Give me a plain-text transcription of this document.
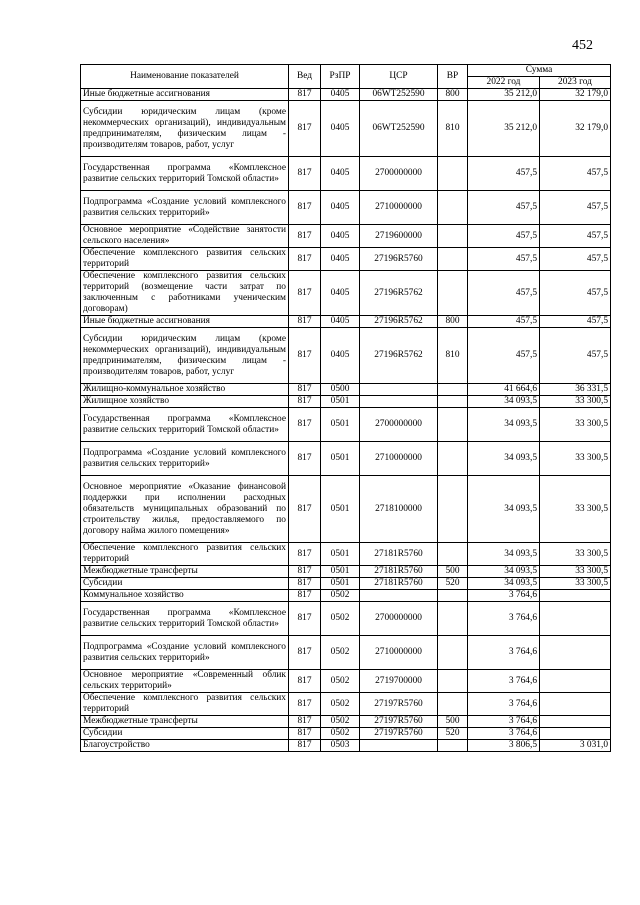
452
Наименование показателей	Вед	РзПР	ЦСР	ВР	Сумма	
					2022 год	2023 год
Иные бюджетные ассигнования	817	0405	06WT252590	800	35 212,0	32 179,0
Субсидии юридическим лицам (кроме некоммерческих организаций), индивидуальным предпринимателям, физическим лицам - производителям товаров, работ, услуг	817	0405	06WT252590	810	35 212,0	32 179,0
Государственная программа «Комплексное развитие сельских территорий Томской области»	817	0405	2700000000		457,5	457,5
Подпрограмма «Создание условий комплексного развития сельских территорий»	817	0405	2710000000		457,5	457,5
Основное мероприятие «Содействие занятости сельского населения»	817	0405	2719600000		457,5	457,5
Обеспечение комплексного развития сельских территорий	817	0405	27196R5760		457,5	457,5
Обеспечение комплексного развития сельских территорий (возмещение части затрат по заключенным с работниками ученическим договорам)	817	0405	27196R5762		457,5	457,5
Иные бюджетные ассигнования	817	0405	27196R5762	800	457,5	457,5
Субсидии юридическим лицам (кроме некоммерческих организаций), индивидуальным предпринимателям, физическим лицам - производителям товаров, работ, услуг	817	0405	27196R5762	810	457,5	457,5
Жилищно-коммунальное хозяйство	817	0500			41 664,6	36 331,5
Жилищное хозяйство	817	0501			34 093,5	33 300,5
Государственная программа «Комплексное развитие сельских территорий Томской области»	817	0501	2700000000		34 093,5	33 300,5
Подпрограмма «Создание условий комплексного развития сельских территорий»	817	0501	2710000000		34 093,5	33 300,5
Основное мероприятие «Оказание финансовой поддержки при исполнении расходных обязательств муниципальных образований по строительству жилья, предоставляемого по договору найма жилого помещения»	817	0501	2718100000		34 093,5	33 300,5
Обеспечение комплексного развития сельских территорий	817	0501	27181R5760		34 093,5	33 300,5
Межбюджетные трансферты	817	0501	27181R5760	500	34 093,5	33 300,5
Субсидии	817	0501	27181R5760	520	34 093,5	33 300,5
Коммунальное хозяйство	817	0502			3 764,6	
Государственная программа «Комплексное развитие сельских территорий Томской области»	817	0502	2700000000		3 764,6	
Подпрограмма «Создание условий комплексного развития сельских территорий»	817	0502	2710000000		3 764,6	
Основное мероприятие «Современный облик сельских территорий»	817	0502	2719700000		3 764,6	
Обеспечение комплексного развития сельских территорий	817	0502	27197R5760		3 764,6	
Межбюджетные трансферты	817	0502	27197R5760	500	3 764,6	
Субсидии	817	0502	27197R5760	520	3 764,6	
Благоустройство	817	0503			3 806,5	3 031,0
